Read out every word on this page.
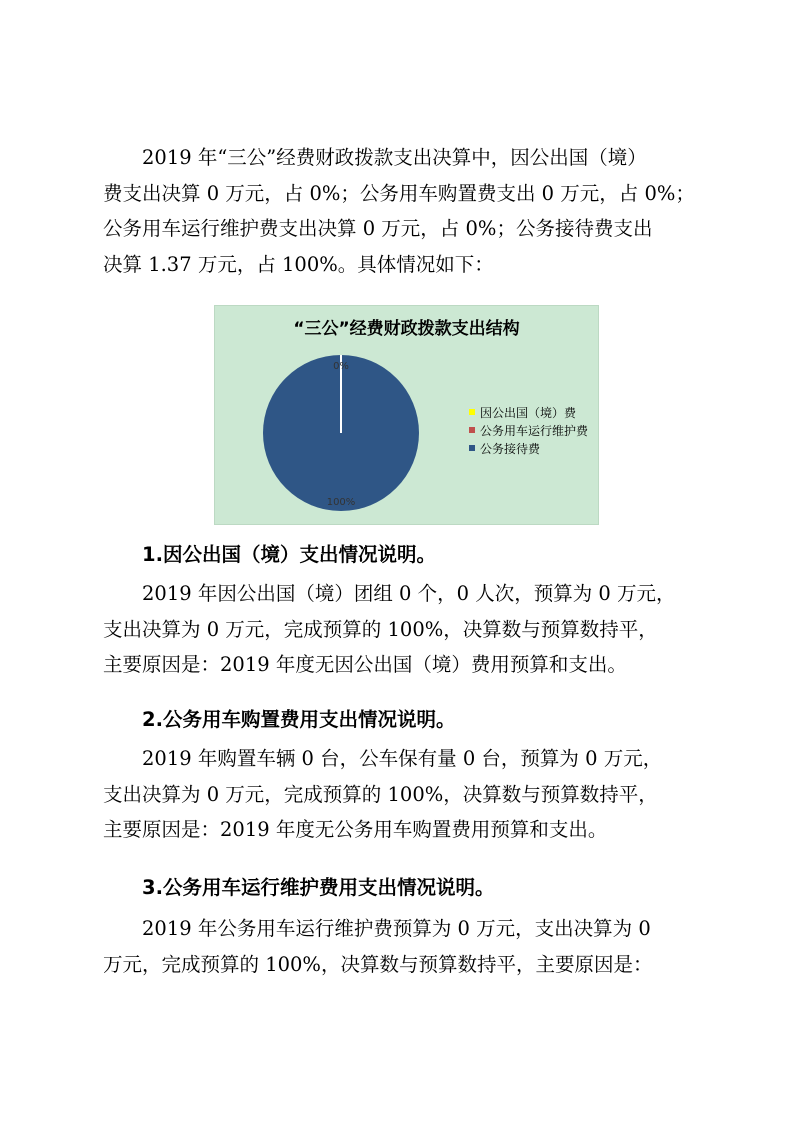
2019 年“三公”经费财政拨款支出决算中，因公出国（境）
费支出决算 0 万元，占 0%；公务用车购置费支出 0 万元，占 0%；
公务用车运行维护费支出决算 0 万元，占 0%；公务接待费支出
决算 1.37 万元，占 100%。具体情况如下：
“三公”经费财政拨款支出结构
0%
100%
因公出国（境）费
公务用车运行维护费
公务接待费
1.因公出国（境）支出情况说明。
2019 年因公出国（境）团组 0 个，0 人次，预算为 0 万元，
支出决算为 0 万元，完成预算的 100%，决算数与预算数持平，
主要原因是：2019 年度无因公出国（境）费用预算和支出。
2.公务用车购置费用支出情况说明。
2019 年购置车辆 0 台，公车保有量 0 台，预算为 0 万元，
支出决算为 0 万元，完成预算的 100%，决算数与预算数持平，
主要原因是：2019 年度无公务用车购置费用预算和支出。
3.公务用车运行维护费用支出情况说明。
2019 年公务用车运行维护费预算为 0 万元，支出决算为 0
万元，完成预算的 100%，决算数与预算数持平，主要原因是：
